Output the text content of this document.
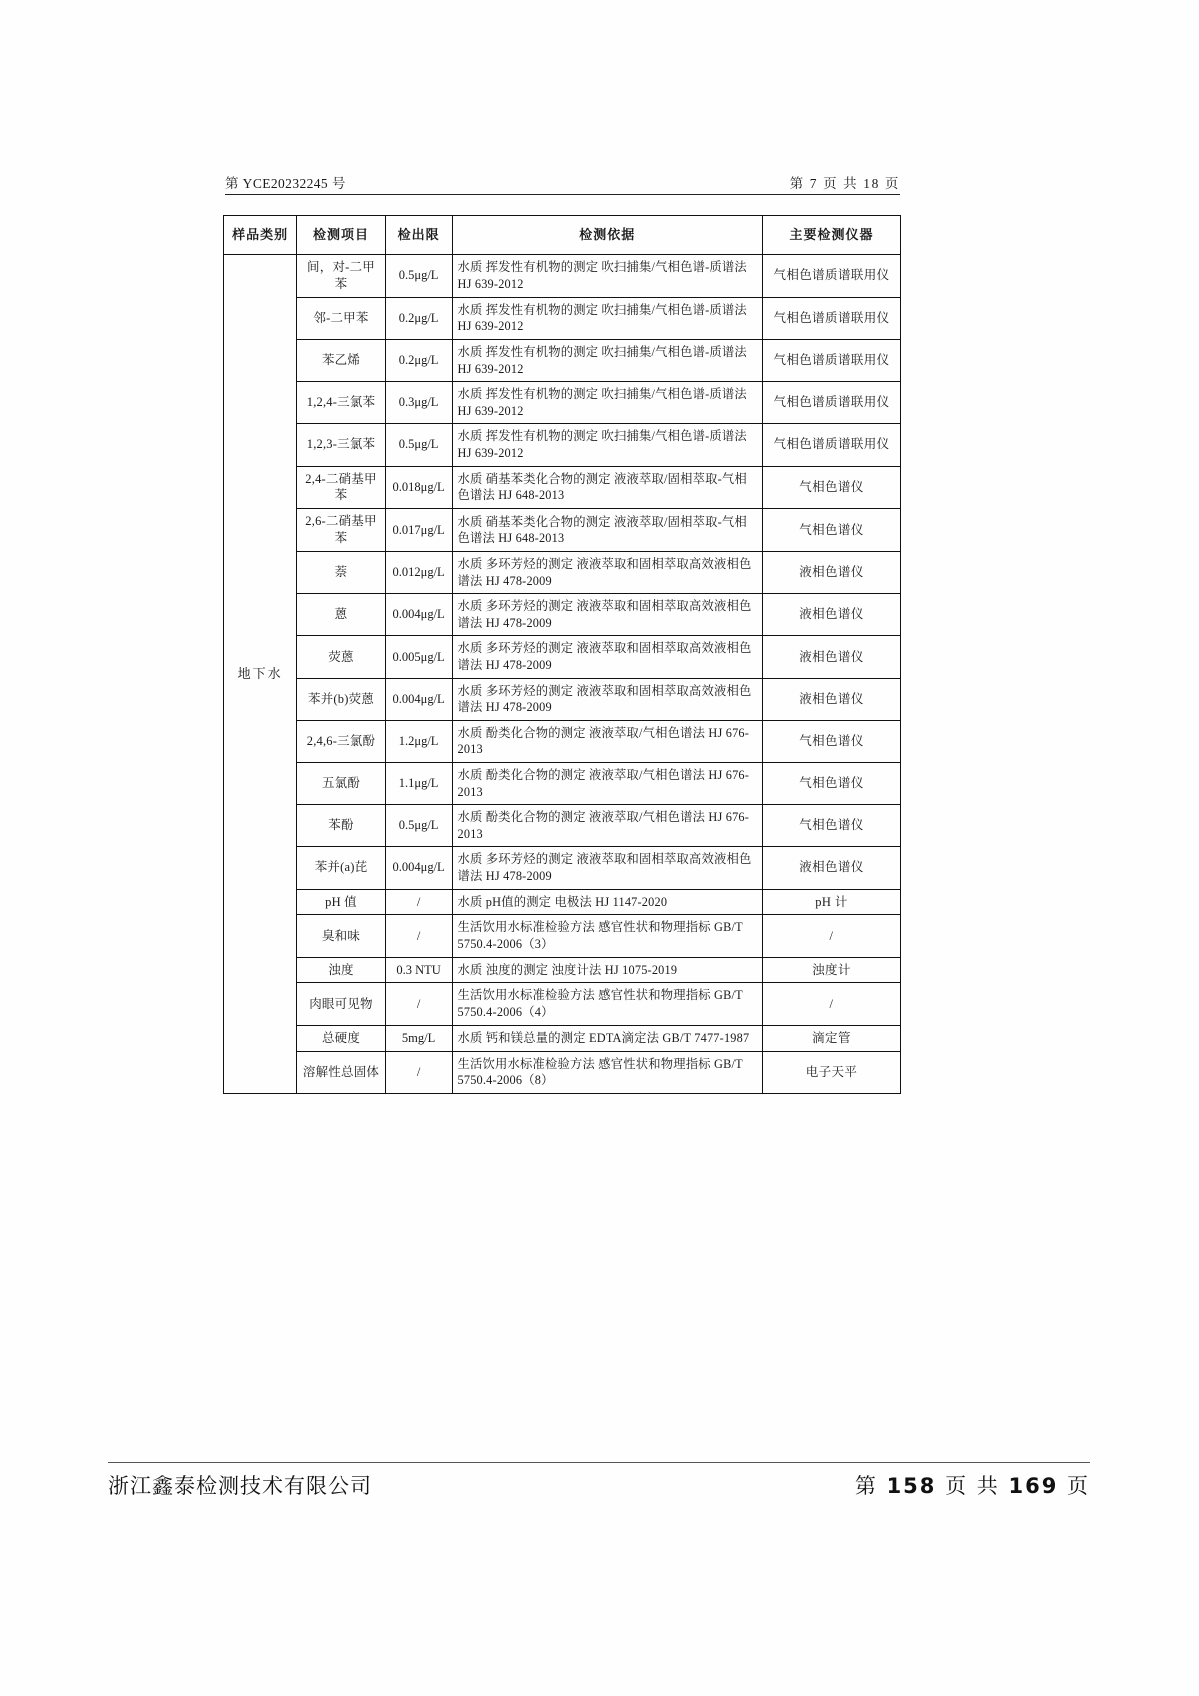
第 YCE20232245 号	第 7 页 共 18 页
样品类别	检测项目	检出限	检测依据	主要检测仪器
地下水	间，对-二甲苯	0.5μg/L	水质 挥发性有机物的测定 吹扫捕集/气相色谱-质谱法 HJ 639-2012	气相色谱质谱联用仪
	邻-二甲苯	0.2μg/L	水质 挥发性有机物的测定 吹扫捕集/气相色谱-质谱法 HJ 639-2012	气相色谱质谱联用仪
	苯乙烯	0.2μg/L	水质 挥发性有机物的测定 吹扫捕集/气相色谱-质谱法 HJ 639-2012	气相色谱质谱联用仪
	1,2,4-三氯苯	0.3μg/L	水质 挥发性有机物的测定 吹扫捕集/气相色谱-质谱法 HJ 639-2012	气相色谱质谱联用仪
	1,2,3-三氯苯	0.5μg/L	水质 挥发性有机物的测定 吹扫捕集/气相色谱-质谱法 HJ 639-2012	气相色谱质谱联用仪
	2,4-二硝基甲苯	0.018μg/L	水质 硝基苯类化合物的测定 液液萃取/固相萃取-气相色谱法 HJ 648-2013	气相色谱仪
	2,6-二硝基甲苯	0.017μg/L	水质 硝基苯类化合物的测定 液液萃取/固相萃取-气相色谱法 HJ 648-2013	气相色谱仪
	萘	0.012μg/L	水质 多环芳烃的测定 液液萃取和固相萃取高效液相色谱法 HJ 478-2009	液相色谱仪
	蒽	0.004μg/L	水质 多环芳烃的测定 液液萃取和固相萃取高效液相色谱法 HJ 478-2009	液相色谱仪
	荧蒽	0.005μg/L	水质 多环芳烃的测定 液液萃取和固相萃取高效液相色谱法 HJ 478-2009	液相色谱仪
	苯并(b)荧蒽	0.004μg/L	水质 多环芳烃的测定 液液萃取和固相萃取高效液相色谱法 HJ 478-2009	液相色谱仪
	2,4,6-三氯酚	1.2μg/L	水质 酚类化合物的测定 液液萃取/气相色谱法 HJ 676-2013	气相色谱仪
	五氯酚	1.1μg/L	水质 酚类化合物的测定 液液萃取/气相色谱法 HJ 676-2013	气相色谱仪
	苯酚	0.5μg/L	水质 酚类化合物的测定 液液萃取/气相色谱法 HJ 676-2013	气相色谱仪
	苯并(a)芘	0.004μg/L	水质 多环芳烃的测定 液液萃取和固相萃取高效液相色谱法 HJ 478-2009	液相色谱仪
	pH 值	/	水质 pH值的测定 电极法 HJ 1147-2020	pH 计
	臭和味	/	生活饮用水标准检验方法 感官性状和物理指标 GB/T 5750.4-2006（3）	/
	浊度	0.3 NTU	水质 浊度的测定 浊度计法 HJ 1075-2019	浊度计
	肉眼可见物	/	生活饮用水标准检验方法 感官性状和物理指标 GB/T 5750.4-2006（4）	/
	总硬度	5mg/L	水质 钙和镁总量的测定 EDTA滴定法 GB/T 7477-1987	滴定管
	溶解性总固体	/	生活饮用水标准检验方法 感官性状和物理指标 GB/T 5750.4-2006（8）	电子天平
浙江鑫泰检测技术有限公司	第 158 页 共 169 页
